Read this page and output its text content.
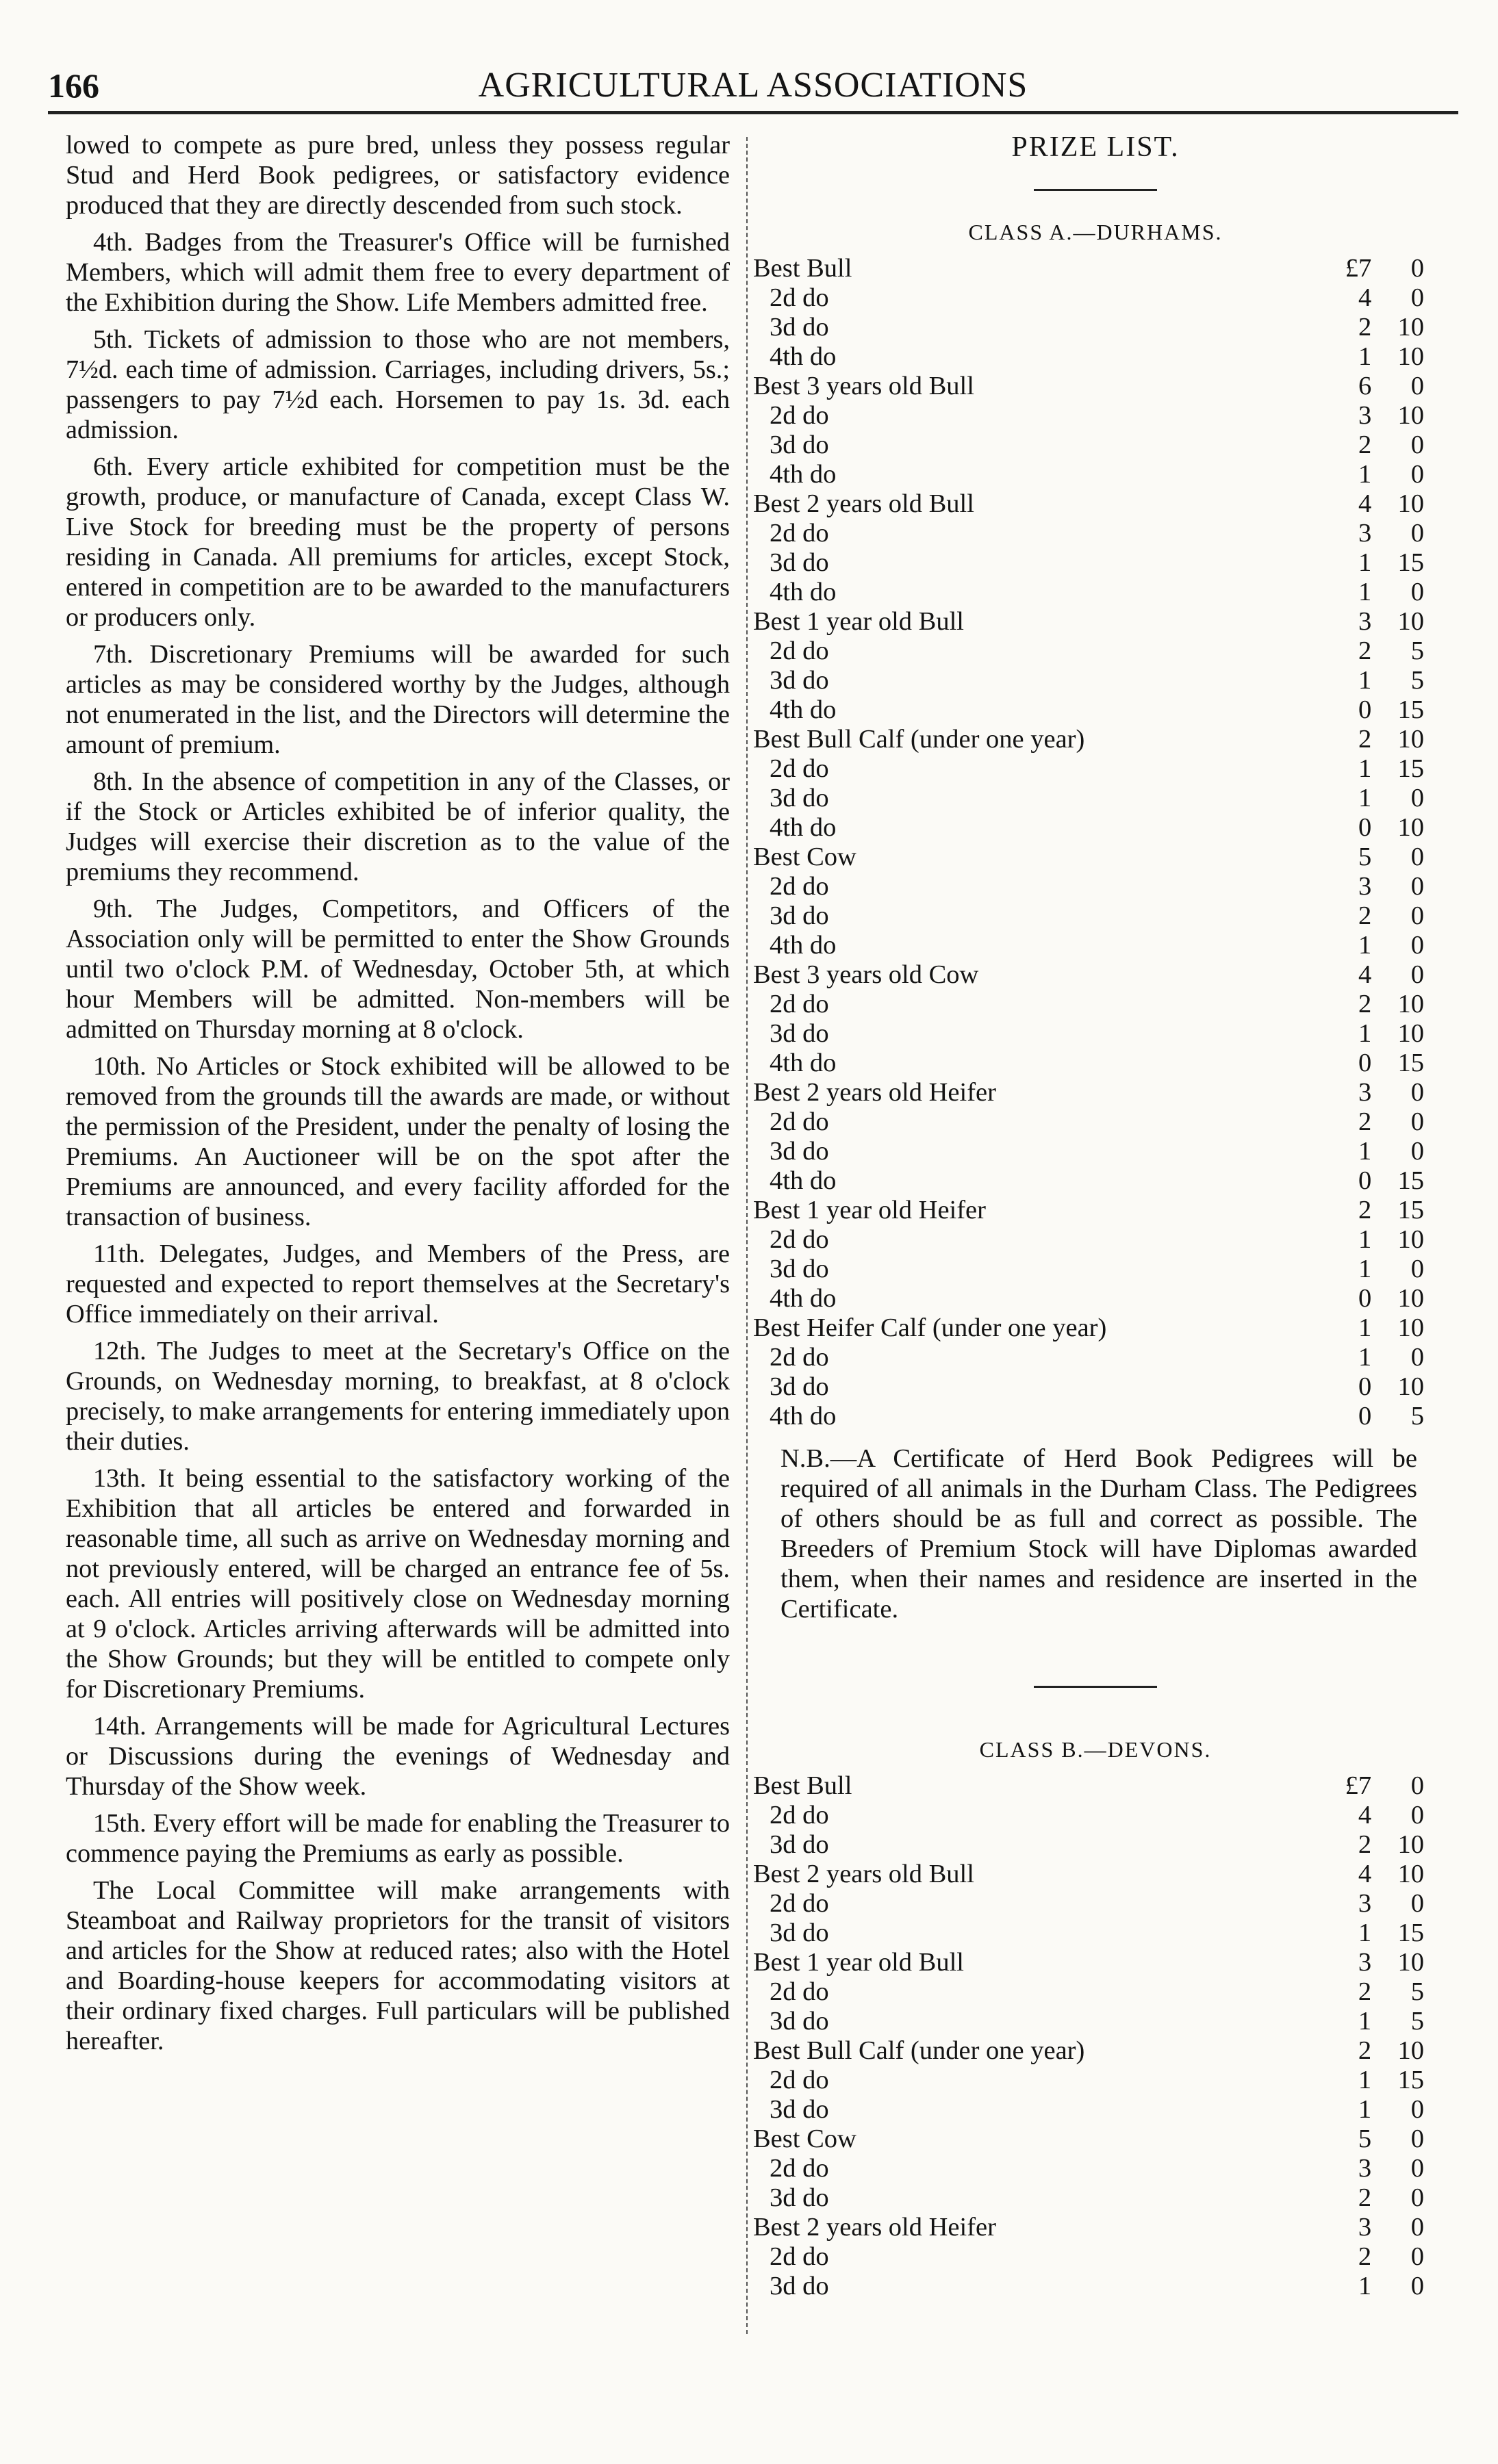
166	AGRICULTURAL ASSOCIATIONS

lowed to compete as pure bred, unless they possess regular Stud and Herd Book pedigrees, or satisfactory evidence produced that they are directly descended from such stock.

4th. Badges from the Treasurer's Office will be furnished Members, which will admit them free to every department of the Exhibition during the Show. Life Members admitted free.

5th. Tickets of admission to those who are not members, 7½d. each time of admission. Carriages, including drivers, 5s.; passengers to pay 7½d each. Horsemen to pay 1s. 3d. each admission.

6th. Every article exhibited for competition must be the growth, produce, or manufacture of Canada, except Class W. Live Stock for breeding must be the property of persons residing in Canada. All premiums for articles, except Stock, entered in competition are to be awarded to the manufacturers or producers only.

7th. Discretionary Premiums will be awarded for such articles as may be considered worthy by the Judges, although not enumerated in the list, and the Directors will determine the amount of premium.

8th. In the absence of competition in any of the Classes, or if the Stock or Articles exhibited be of inferior quality, the Judges will exercise their discretion as to the value of the premiums they recommend.

9th. The Judges, Competitors, and Officers of the Association only will be permitted to enter the Show Grounds until two o'clock P.M. of Wednesday, October 5th, at which hour Members will be admitted. Non-members will be admitted on Thursday morning at 8 o'clock.

10th. No Articles or Stock exhibited will be allowed to be removed from the grounds till the awards are made, or without the permission of the President, under the penalty of losing the Premiums. An Auctioneer will be on the spot after the Premiums are announced, and every facility afforded for the transaction of business.

11th. Delegates, Judges, and Members of the Press, are requested and expected to report themselves at the Secretary's Office immediately on their arrival.

12th. The Judges to meet at the Secretary's Office on the Grounds, on Wednesday morning, to breakfast, at 8 o'clock precisely, to make arrangements for entering immediately upon their duties.

13th. It being essential to the satisfactory working of the Exhibition that all articles be entered and forwarded in reasonable time, all such as arrive on Wednesday morning and not previously entered, will be charged an entrance fee of 5s. each. All entries will positively close on Wednesday morning at 9 o'clock. Articles arriving afterwards will be admitted into the Show Grounds; but they will be entitled to compete only for Discretionary Premiums.

14th. Arrangements will be made for Agricultural Lectures or Discussions during the evenings of Wednesday and Thursday of the Show week.

15th. Every effort will be made for enabling the Treasurer to commence paying the Premiums as early as possible.

The Local Committee will make arrangements with Steamboat and Railway proprietors for the transit of visitors and articles for the Show at reduced rates; also with the Hotel and Boarding-house keepers for accommodating visitors at their ordinary fixed charges. Full particulars will be published hereafter.

PRIZE LIST.
CLASS A.—DURHAMS.
Best Bull	£7	0
2d do	4	0
3d do	2	10
4th do	1	10
Best 3 years old Bull	6	0
2d do	3	10
3d do	2	0
4th do	1	0
Best 2 years old Bull	4	10
2d do	3	0
3d do	1	15
4th do	1	0
Best 1 year old Bull	3	10
2d do	2	5
3d do	1	5
4th do	0	15
Best Bull Calf (under one year)	2	10
2d do	1	15
3d do	1	0
4th do	0	10
Best Cow	5	0
2d do	3	0
3d do	2	0
4th do	1	0
Best 3 years old Cow	4	0
2d do	2	10
3d do	1	10
4th do	0	15
Best 2 years old Heifer	3	0
2d do	2	0
3d do	1	0
4th do	0	15
Best 1 year old Heifer	2	15
2d do	1	10
3d do	1	0
4th do	0	10
Best Heifer Calf (under one year)	1	10
2d do	1	0
3d do	0	10
4th do	0	5
N.B.—A Certificate of Herd Book Pedigrees will be required of all animals in the Durham Class. The Pedigrees of others should be as full and correct as possible. The Breeders of Premium Stock will have Diplomas awarded them, when their names and residence are inserted in the Certificate.
CLASS B.—DEVONS.
Best Bull	£7	0
2d do	4	0
3d do	2	10
Best 2 years old Bull	4	10
2d do	3	0
3d do	1	15
Best 1 year old Bull	3	10
2d do	2	5
3d do	1	5
Best Bull Calf (under one year)	2	10
2d do	1	15
3d do	1	0
Best Cow	5	0
2d do	3	0
3d do	2	0
Best 2 years old Heifer	3	0
2d do	2	0
3d do	1	0
